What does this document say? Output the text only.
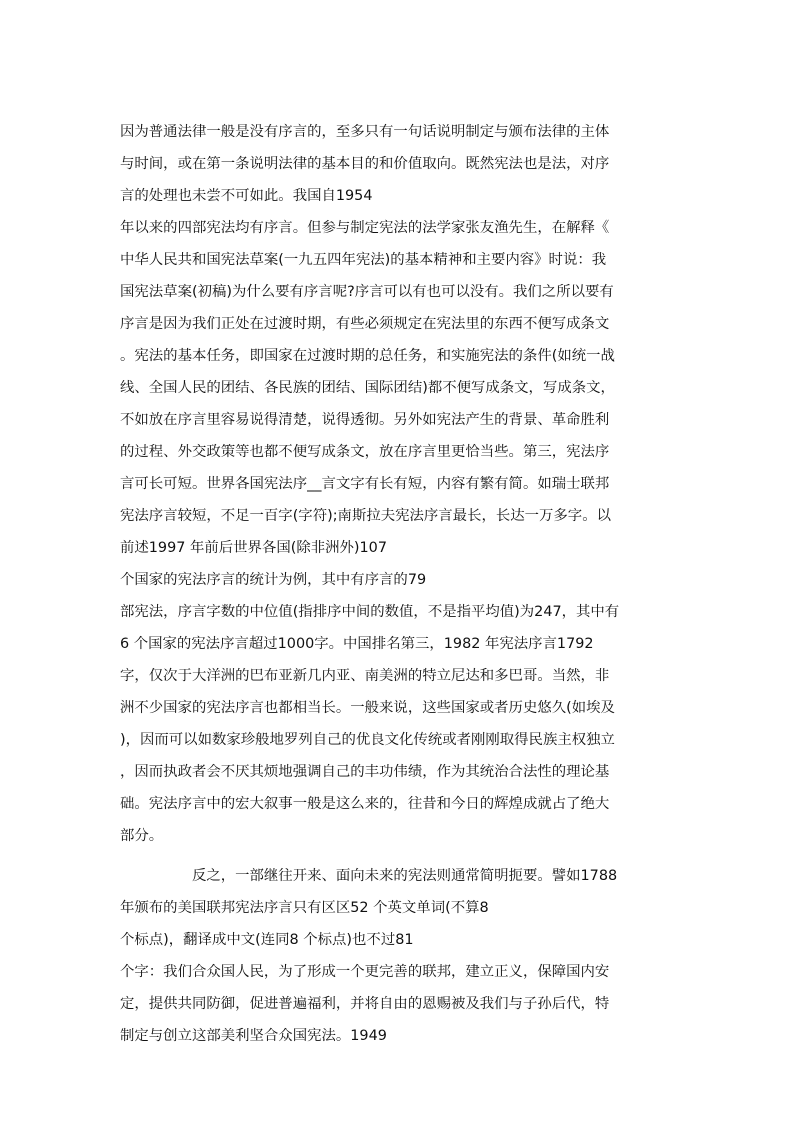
因为普通法律一般是没有序言的，至多只有一句话说明制定与颁布法律的主体
与时间，或在第一条说明法律的基本目的和价值取向。既然宪法也是法，对序
言的处理也未尝不可如此。我国自1954
年以来的四部宪法均有序言。但参与制定宪法的法学家张友渔先生，在解释《
中华人民共和国宪法草案(一九五四年宪法)的基本精神和主要内容》时说：我
国宪法草案(初稿)为什么要有序言呢?序言可以有也可以没有。我们之所以要有
序言是因为我们正处在过渡时期，有些必须规定在宪法里的东西不便写成条文
。宪法的基本任务，即国家在过渡时期的总任务，和实施宪法的条件(如统一战
线、全国人民的团结、各民族的团结、国际团结)都不便写成条文，写成条文，
不如放在序言里容易说得清楚，说得透彻。另外如宪法产生的背景、革命胜利
的过程、外交政策等也都不便写成条文，放在序言里更恰当些。第三，宪法序
言可长可短。世界各国宪法序__言文字有长有短，内容有繁有简。如瑞士联邦
宪法序言较短，不足一百字(字符);南斯拉夫宪法序言最长，长达一万多字。以
前述1997 年前后世界各国(除非洲外)107
个国家的宪法序言的统计为例，其中有序言的79
部宪法，序言字数的中位值(指排序中间的数值，不是指平均值)为247，其中有
6 个国家的宪法序言超过1000字。中国排名第三，1982 年宪法序言1792
字，仅次于大洋洲的巴布亚新几内亚、南美洲的特立尼达和多巴哥。当然，非
洲不少国家的宪法序言也都相当长。一般来说，这些国家或者历史悠久(如埃及
)，因而可以如数家珍般地罗列自己的优良文化传统或者刚刚取得民族主权独立
，因而执政者会不厌其烦地强调自己的丰功伟绩，作为其统治合法性的理论基
础。宪法序言中的宏大叙事一般是这么来的，往昔和今日的辉煌成就占了绝大
部分。
　　　　　反之，一部继往开来、面向未来的宪法则通常简明扼要。譬如1788
年颁布的美国联邦宪法序言只有区区52 个英文单词(不算8
个标点)，翻译成中文(连同8 个标点)也不过81
个字：我们合众国人民，为了形成一个更完善的联邦，建立正义，保障国内安
定，提供共同防御，促进普遍福利，并将自由的恩赐被及我们与子孙后代，特
制定与创立这部美利坚合众国宪法。1949
